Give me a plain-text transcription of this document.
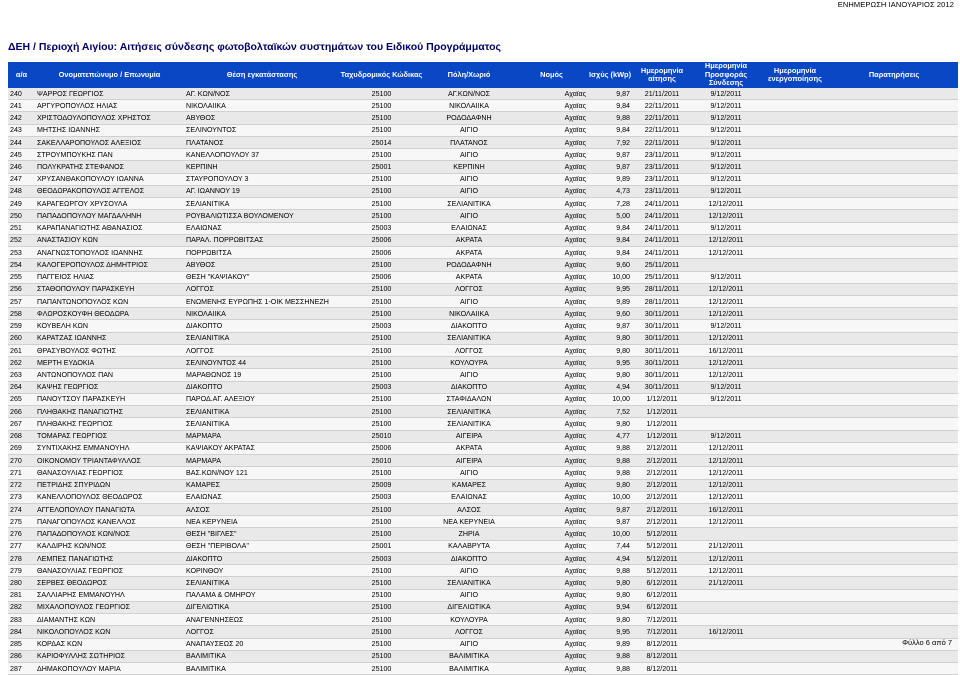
ΕΝΗΜΕΡΩΣΗ ΙΑΝΟΥΑΡΙΟΣ 2012
ΔΕΗ / Περιοχή Αιγίου: Αιτήσεις σύνδεσης φωτοβολταϊκών συστημάτων του Ειδικού Προγράμματος
α/α	Ονοματεπώνυμο / Επωνυμία	Θέση εγκατάστασης	Ταχυδρομικός Κώδικας	Πόλη/Χωριό	Νομός	Ισχύς (kWp)	Ημερομηνία αίτησης	Ημερομηνία Προσφοράς Σύνδεσης	Ημερομηνία ενεργοποίησης	Παρατηρήσεις
240	ΨΑΡΡΟΣ ΓΕΩΡΓΙΟΣ	ΑΓ. ΚΩΝ/ΝΟΣ	25100	ΑΓ.ΚΩΝ/ΝΟΣ	Αχαϊας	9,87	21/11/2011	9/12/2011		
241	ΑΡΓΥΡΟΠΟΥΛΟΣ ΗΛΙΑΣ	ΝΙΚΟΛΑΙΙΚΑ	25100	ΝΙΚΟΛΑΙΙΚΑ	Αχαϊας	9,84	22/11/2011	9/12/2011		
242	ΧΡΙΣΤΟΔΟΥΛΟΠΟΥΛΟΣ ΧΡΗΣΤΟΣ	ΑΒΥΘΟΣ	25100	ΡΟΔΟΔΑΦΝΗ	Αχαϊας	9,88	22/11/2011	9/12/2011		
243	ΜΗΤΣΗΣ ΙΩΑΝΝΗΣ	ΣΕΛΙΝΟΥΝΤΟΣ	25100	ΑΙΓΙΟ	Αχαϊας	9,84	22/11/2011	9/12/2011		
244	ΣΑΚΕΛΛΑΡΟΠΟΥΛΟΣ ΑΛΕΞΙΟΣ	ΠΛΑΤΑΝΟΣ	25014	ΠΛΑΤΑΝΟΣ	Αχαϊας	7,92	22/11/2011	9/12/2011		
245	ΣΤΡΟΥΜΠΟΥΚΗΣ ΠΑΝ	ΚΑΝΕΛΛΟΠΟΥΛΟΥ 37	25100	ΑΙΓΙΟ	Αχαϊας	9,87	23/11/2011	9/12/2011		
246	ΠΟΛΥΚΡΑΤΗΣ ΣΤΕΦΑΝΟΣ	ΚΕΡΠΙΝΗ	25001	ΚΕΡΠΙΝΗ	Αχαϊας	9,87	23/11/2011	9/12/2011		
247	ΧΡΥΣΑΝΘΑΚΟΠΟΥΛΟΥ ΙΩΑΝΝΑ	ΣΤΑΥΡΟΠΟΥΛΟΥ 3	25100	ΑΙΓΙΟ	Αχαϊας	9,89	23/11/2011	9/12/2011		
248	ΘΕΟΔΩΡΑΚΟΠΟΥΛΟΣ ΑΓΓΕΛΟΣ	ΑΓ. ΙΩΑΝΝΟΥ 19	25100	ΑΙΓΙΟ	Αχαϊας	4,73	23/11/2011	9/12/2011		
249	ΚΑΡΑΓΕΩΡΓΟΥ ΧΡΥΣΟΥΛΑ	ΣΕΛΙΑΝΙΤΙΚΑ	25100	ΣΕΛΙΑΝΙΤΙΚΑ	Αχαϊας	7,28	24/11/2011	12/12/2011		
250	ΠΑΠΑΔΟΠΟΥΛΟΥ ΜΑΓΔΑΛΗΝΗ	ΡΟΥΒΑΛΙΩΤΙΣΣΑ ΒΟΥΛΟΜΕΝΟΥ	25100	ΑΙΓΙΟ	Αχαϊας	5,00	24/11/2011	12/12/2011		
251	ΚΑΡΑΠΑΝΑΓΙΩΤΗΣ ΑΘΑΝΑΣΙΟΣ	ΕΛΑΙΩΝΑΣ	25003	ΕΛΑΙΩΝΑΣ	Αχαϊας	9,84	24/11/2011	9/12/2011		
252	ΑΝΑΣΤΑΣΙΟΥ ΚΩΝ	ΠΑΡΑΛ. ΠΟΡΡΩΒΙΤΣΑΣ	25006	ΑΚΡΑΤΑ	Αχαϊας	9,84	24/11/2011	12/12/2011		
253	ΑΝΑΓΝΩΣΤΟΠΟΥΛΟΣ ΙΩΑΝΝΗΣ	ΠΟΡΡΩΒΙΤΣΑ	25006	ΑΚΡΑΤΑ	Αχαϊας	9,84	24/11/2011	12/12/2011		
254	ΚΑΛΟΓΕΡΟΠΟΥΛΟΣ ΔΗΜΗΤΡΙΟΣ	ΑΒΥΘΟΣ	25100	ΡΟΔΟΔΑΦΝΗ	Αχαϊας	9,60	25/11/2011			
255	ΠΑΓΓΕΙΟΣ ΗΛΙΑΣ	ΘΕΣΗ "ΚΑΨΙΑΚΟΥ"	25006	ΑΚΡΑΤΑ	Αχαϊας	10,00	25/11/2011	9/12/2011		
256	ΣΤΑΘΟΠΟΥΛΟΥ ΠΑΡΑΣΚΕΥΗ	ΛΟΓΓΟΣ	25100	ΛΟΓΓΟΣ	Αχαϊας	9,95	28/11/2011	12/12/2011		
257	ΠΑΠΑΝΤΩΝΟΠΟΥΛΟΣ ΚΩΝ	ΕΝΩΜΕΝΗΣ ΕΥΡΩΠΗΣ 1-ΟΙΚ ΜΕΣΣΗΝΕΖΗ	25100	ΑΙΓΙΟ	Αχαϊας	9,89	28/11/2011	12/12/2011		
258	ΦΛΩΡΟΣΚΟΥΦΗ ΘΕΟΔΩΡΑ	ΝΙΚΟΛΑΙΙΚΑ	25100	ΝΙΚΟΛΑΙΙΚΑ	Αχαϊας	9,60	30/11/2011	12/12/2011		
259	ΚΟΥΒΕΛΗ ΚΩΝ	ΔΙΑΚΟΠΤΟ	25003	ΔΙΑΚΟΠΤΟ	Αχαϊας	9,87	30/11/2011	9/12/2011		
260	ΚΑΡΑΤΖΑΣ ΙΩΑΝΝΗΣ	ΣΕΛΙΑΝΙΤΙΚΑ	25100	ΣΕΛΙΑΝΙΤΙΚΑ	Αχαϊας	9,80	30/11/2011	12/12/2011		
261	ΘΡΑΣΥΒΟΥΛΟΣ ΦΩΤΗΣ	ΛΟΓΓΟΣ	25100	ΛΟΓΓΟΣ	Αχαϊας	9,80	30/11/2011	16/12/2011		
262	ΜΕΡΤΗ ΕΥΔΟΚΙΑ	ΣΕΛΙΝΟΥΝΤΟΣ 44	25100	ΚΟΥΛΟΥΡΑ	Αχαϊας	9,95	30/11/2011	12/12/2011		
263	ΑΝΤΩΝΟΠΟΥΛΟΣ ΠΑΝ	ΜΑΡΑΘΩΝΟΣ 19	25100	ΑΙΓΙΟ	Αχαϊας	9,80	30/11/2011	12/12/2011		
264	ΚΑΨΗΣ ΓΕΩΡΓΙΟΣ	ΔΙΑΚΟΠΤΟ	25003	ΔΙΑΚΟΠΤΟ	Αχαϊας	4,94	30/11/2011	9/12/2011		
265	ΠΑΝΟΥΤΣΟΥ ΠΑΡΑΣΚΕΥΗ	ΠΑΡΟΔ.ΑΓ. ΑΛΕΞΙΟΥ	25100	ΣΤΑΦΙΔΑΛΩΝ	Αχαϊας	10,00	1/12/2011	9/12/2011		
266	ΠΛΗΘΑΚΗΣ ΠΑΝΑΓΙΩΤΗΣ	ΣΕΛΙΑΝΙΤΙΚΑ	25100	ΣΕΛΙΑΝΙΤΙΚΑ	Αχαϊας	7,52	1/12/2011			
267	ΠΛΗΘΑΚΗΣ ΓΕΩΡΓΙΟΣ	ΣΕΛΙΑΝΙΤΙΚΑ	25100	ΣΕΛΙΑΝΙΤΙΚΑ	Αχαϊας	9,80	1/12/2011			
268	ΤΟΜΑΡΑΣ ΓΕΩΡΓΙΟΣ	ΜΑΡΜΑΡΑ	25010	ΑΙΓΕΙΡΑ	Αχαϊας	4,77	1/12/2011	9/12/2011		
269	ΣΥΝΤΙΧΑΚΗΣ ΕΜΜΑΝΟΥΗΛ	ΚΑΨΙΑΚΟΥ ΑΚΡΑΤΑΣ	25006	ΑΚΡΑΤΑ	Αχαϊας	9,88	2/12/2011	12/12/2011		
270	ΟΙΚΟΝΟΜΟΥ ΤΡΙΑΝΤΑΦΥΛΛΟΣ	ΜΑΡΜΑΡΑ	25010	ΑΙΓΕΙΡΑ	Αχαϊας	9,88	2/12/2011	12/12/2011		
271	ΘΑΝΑΣΟΥΛΙΑΣ ΓΕΩΡΓΙΟΣ	ΒΑΣ.ΚΩΝ/ΝΟΥ 121	25100	ΑΙΓΙΟ	Αχαϊας	9,88	2/12/2011	12/12/2011		
272	ΠΕΤΡΙΔΗΣ ΣΠΥΡΙΔΩΝ	ΚΑΜΑΡΕΣ	25009	ΚΑΜΑΡΕΣ	Αχαϊας	9,80	2/12/2011	12/12/2011		
273	ΚΑΝΕΛΛΟΠΟΥΛΟΣ ΘΕΟΔΩΡΟΣ	ΕΛΑΙΩΝΑΣ	25003	ΕΛΑΙΩΝΑΣ	Αχαϊας	10,00	2/12/2011	12/12/2011		
274	ΑΓΓΕΛΟΠΟΥΛΟΥ ΠΑΝΑΓΙΩΤΑ	ΑΛΣΟΣ	25100	ΑΛΣΟΣ	Αχαϊας	9,87	2/12/2011	16/12/2011		
275	ΠΑΝΑΓΟΠΟΥΛΟΣ ΚΑΝΕΛΛΟΣ	ΝΕΑ ΚΕΡΥΝΕΙΑ	25100	ΝΕΑ ΚΕΡΥΝΕΙΑ	Αχαϊας	9,87	2/12/2011	12/12/2011		
276	ΠΑΠΑΔΟΠΟΥΛΟΣ ΚΩΝ/ΝΟΣ	ΘΕΣΗ "ΒΙΓΛΕΣ"	25100	ΖΗΡΙΑ	Αχαϊας	10,00	5/12/2011			
277	ΚΑΛΔΙΡΗΣ ΚΩΝ/ΝΟΣ	ΘΕΣΗ "ΠΕΡΙΒΟΛΑ"	25001	ΚΑΛΑΒΡΥΤΑ	Αχαϊας	7,44	5/12/2011	21/12/2011		
278	ΛΕΜΠΕΣ ΠΑΝΑΓΙΩΤΗΣ	ΔΙΑΚΟΠΤΟ	25003	ΔΙΑΚΟΠΤΟ	Αχαϊας	4,94	5/12/2011	12/12/2011		
279	ΘΑΝΑΣΟΥΛΙΑΣ ΓΕΩΡΓΙΟΣ	ΚΟΡΙΝΘΟΥ	25100	ΑΙΓΙΟ	Αχαϊας	9,88	5/12/2011	12/12/2011		
280	ΣΕΡΒΕΣ ΘΕΟΔΩΡΟΣ	ΣΕΛΙΑΝΙΤΙΚΑ	25100	ΣΕΛΙΑΝΙΤΙΚΑ	Αχαϊας	9,80	6/12/2011	21/12/2011		
281	ΣΑΛΛΙΑΡΗΣ ΕΜΜΑΝΟΥΗΛ	ΠΑΛΑΜΑ & ΟΜΗΡΟΥ	25100	ΑΙΓΙΟ	Αχαϊας	9,80	6/12/2011			
282	ΜΙΧΑΛΟΠΟΥΛΟΣ ΓΕΩΡΓΙΟΣ	ΔΙΓΕΛΙΩΤΙΚΑ	25100	ΔΙΓΕΛΙΩΤΙΚΑ	Αχαϊας	9,94	6/12/2011			
283	ΔΙΑΜΑΝΤΗΣ ΚΩΝ	ΑΝΑΓΕΝΝΗΣΕΩΣ	25100	ΚΟΥΛΟΥΡΑ	Αχαϊας	9,80	7/12/2011			
284	ΝΙΚΟΛΟΠΟΥΛΟΣ ΚΩΝ	ΛΟΓΓΟΣ	25100	ΛΟΓΓΟΣ	Αχαϊας	9,95	7/12/2011	16/12/2011		
285	ΚΟΡΔΑΣ ΚΩΝ	ΑΝΑΠΑΥΣΕΩΣ 20	25100	ΑΙΓΙΟ	Αχαϊας	9,89	8/12/2011			
286	ΚΑΡΙΟΦΥΛΛΗΣ ΣΩΤΗΡΙΟΣ	ΒΑΛΙΜΙΤΙΚΑ	25100	ΒΑΛΙΜΙΤΙΚΑ	Αχαϊας	9,88	8/12/2011			
287	ΔΗΜΑΚΟΠΟΥΛΟΥ ΜΑΡΙΑ	ΒΑΛΙΜΙΤΙΚΑ	25100	ΒΑΛΙΜΙΤΙΚΑ	Αχαϊας	9,88	8/12/2011			
Φύλλο 6 από 7
